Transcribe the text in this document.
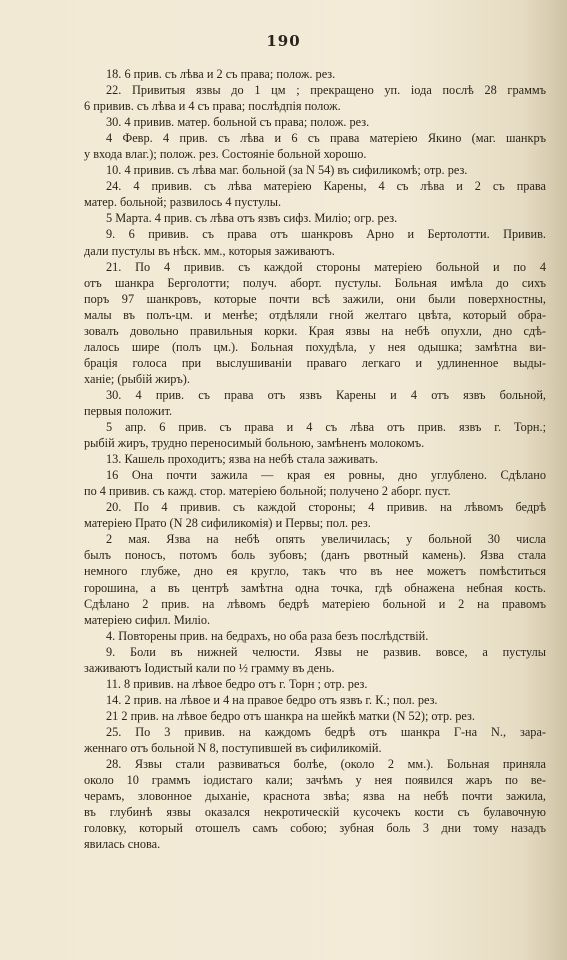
190

18. 6 прив. съ лѣва и 2 съ права; полож. рез.

22. Привитыя язвы до 1 цм ; прекращено уп. іода послѣ 28 граммъ
6 привив. съ лѣва и 4 съ права; послѣдпія полож.

30. 4 привив. матер. больной съ права; полож. рез.

4 Февр. 4 прив. съ лѣва и 6 съ права матеріею Якино (маг. шанкръ
у входа влаг.); полож. рез. Состояніе больной хорошо.

10. 4 привив. съ лѣва маг. больной (за N 54) въ сифиликомѣ; отр. рез.

24. 4 привив. съ лѣва матеріею Карены, 4 съ лѣва и 2 съ права
матер. больной; развилось 4 пустулы.

5 Марта. 4 прив. съ лѣва отъ язвъ сифз. Миліо; огр. рез.

9. 6 привив. съ права отъ шанкровъ Арно и Бертолотти. Привив.
дали пустулы въ нѣск. мм., которыя заживаютъ.

21. По 4 привив. съ каждой стороны матеріею больной и по 4
отъ шанкра Берголотти; получ. аборт. пустулы. Больная имѣла до сихъ
поръ 97 шанкровъ, которые почти всѣ зажили, они были поверхностны,
малы въ полъ-цм. и менѣе; отдѣляли гной желтаго цвѣта, который обра-
зовалъ довольно правильныя корки. Края язвы на небѣ опухли, дно сдѣ-
лалось шире (полъ цм.). Больная похудѣла, у нея одышка; замѣтна ви-
брація голоса при выслушиваніи праваго легкаго и удлиненное выды-
ханіе; (рыбій жиръ).

30. 4 прив. съ права отъ язвъ Карены и 4 отъ язвъ больной,
первыя положит.

5 апр. 6 прив. съ права и 4 съ лѣва отъ прив. язвъ г. Торн.;
рыбій жиръ, трудно переносимый больною, замѣненъ молокомъ.

13. Кашель проходитъ; язва на небѣ стала заживать.

16 Она почти зажила — края ея ровны, дно углублено. Сдѣлано
по 4 привив. съ кажд. стор. матеріею больной; получено 2 аборг. пуст.

20. По 4 привив. съ каждой стороны; 4 привив. на лѣвомъ бедрѣ
матеріею Прато (N 28 сифиликомія) и Первы; пол. рез.

2 мая. Язва на небѣ опять увеличилась; у больной 30 числа
былъ поносъ, потомъ боль зубовъ; (данъ рвотный камень). Язва стала
немного глубже, дно ея кругло, такъ что въ нее можетъ помѣститься
горошина, а въ центрѣ замѣтна одна точка, гдѣ обнажена небная кость.
Сдѣлано 2 прив. на лѣвомъ бедрѣ матеріею больной и 2 на правомъ
матеріею сифил. Миліо.

4. Повторены прив. на бедрахъ, но оба раза безъ послѣдствій.

9. Боли въ нижней челюсти. Язвы не развив. вовсе, а пустулы
заживаютъ Іодистый кали по ½ грамму въ день.

11. 8 привив. на лѣвое бедро отъ г. Торн ; отр. рез.

14. 2 прив. на лѣвое и 4 на правое бедро отъ язвъ г. К.; пол. рез.

21 2 прив. на лѣвое бедро отъ шанкра на шейкѣ матки (N 52); отр. рез.

25. По 3 привив. на каждомъ бедрѣ отъ шанкра Г-на N., зара-
женнаго отъ больной N 8, поступившей въ сифиликомій.

28. Язвы стали развиваться болѣе, (около 2 мм.). Больная приняла
около 10 граммъ іодистаго кали; зачѣмъ у нея появился жаръ по ве-
черамъ, зловонное дыханіе, краснота звѣа; язва на небѣ почти зажила,
въ глубинѣ язвы оказался некротическій кусочекъ кости съ булавочную
головку, который отошелъ самъ собою; зубная боль 3 дни тому назадъ
явилась снова.
